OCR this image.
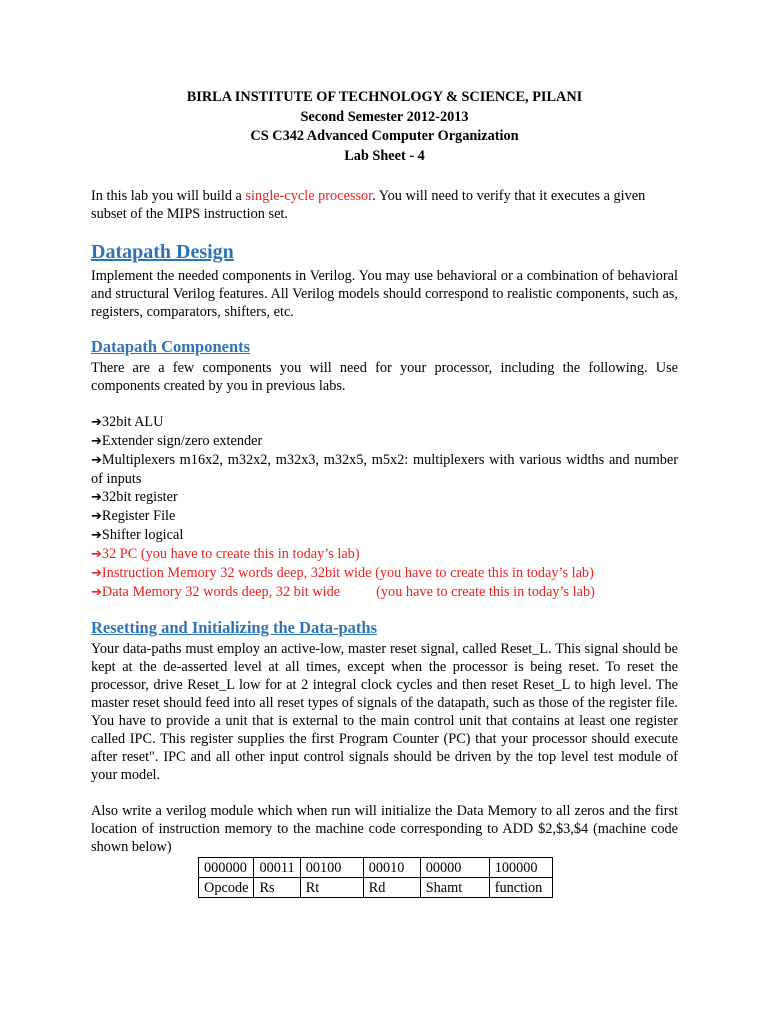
BIRLA INSTITUTE OF TECHNOLOGY & SCIENCE, PILANI
Second Semester 2012-2013
CS C342 Advanced Computer Organization
Lab Sheet - 4

In this lab you will build a single-cycle processor. You will need to verify that it executes a given subset of the MIPS instruction set.

Datapath Design

Implement the needed components in Verilog. You may use behavioral or a combination of behavioral and structural Verilog features. All Verilog models should correspond to realistic components, such as, registers, comparators, shifters, etc.

Datapath Components

There are a few components you will need for your processor, including the following. Use components created by you in previous labs.

➔32bit ALU
➔Extender sign/zero extender
➔Multiplexers m16x2, m32x2, m32x3, m32x5, m5x2: multiplexers with various widths and number of inputs
➔32bit register
➔Register File
➔Shifter logical
➔32 PC (you have to create this in today’s lab)
➔Instruction Memory 32 words deep, 32bit wide (you have to create this in today’s lab)
➔Data Memory 32 words deep, 32 bit wide	(you have to create this in today’s lab)
Resetting and Initializing the Data-paths

Your data-paths must employ an active-low, master reset signal, called Reset_L. This signal should be kept at the de-asserted level at all times, except when the processor is being reset. To reset the processor, drive Reset_L low for at 2 integral clock cycles and then reset Reset_L to high level. The master reset should feed into all reset types of signals of the datapath, such as those of the register file. You have to provide a unit that is external to the main control unit that contains at least one register called IPC. This register supplies the first Program Counter (PC) that your processor should execute after reset". IPC and all other input control signals should be driven by the top level test module of your model.

Also write a verilog module which when run will initialize the Data Memory to all zeros and the first location of instruction memory to the machine code corresponding to ADD $2,$3,$4 (machine code shown below)

000000	00011	00100	00010	00000	100000
Opcode	Rs	Rt	Rd	Shamt	function
